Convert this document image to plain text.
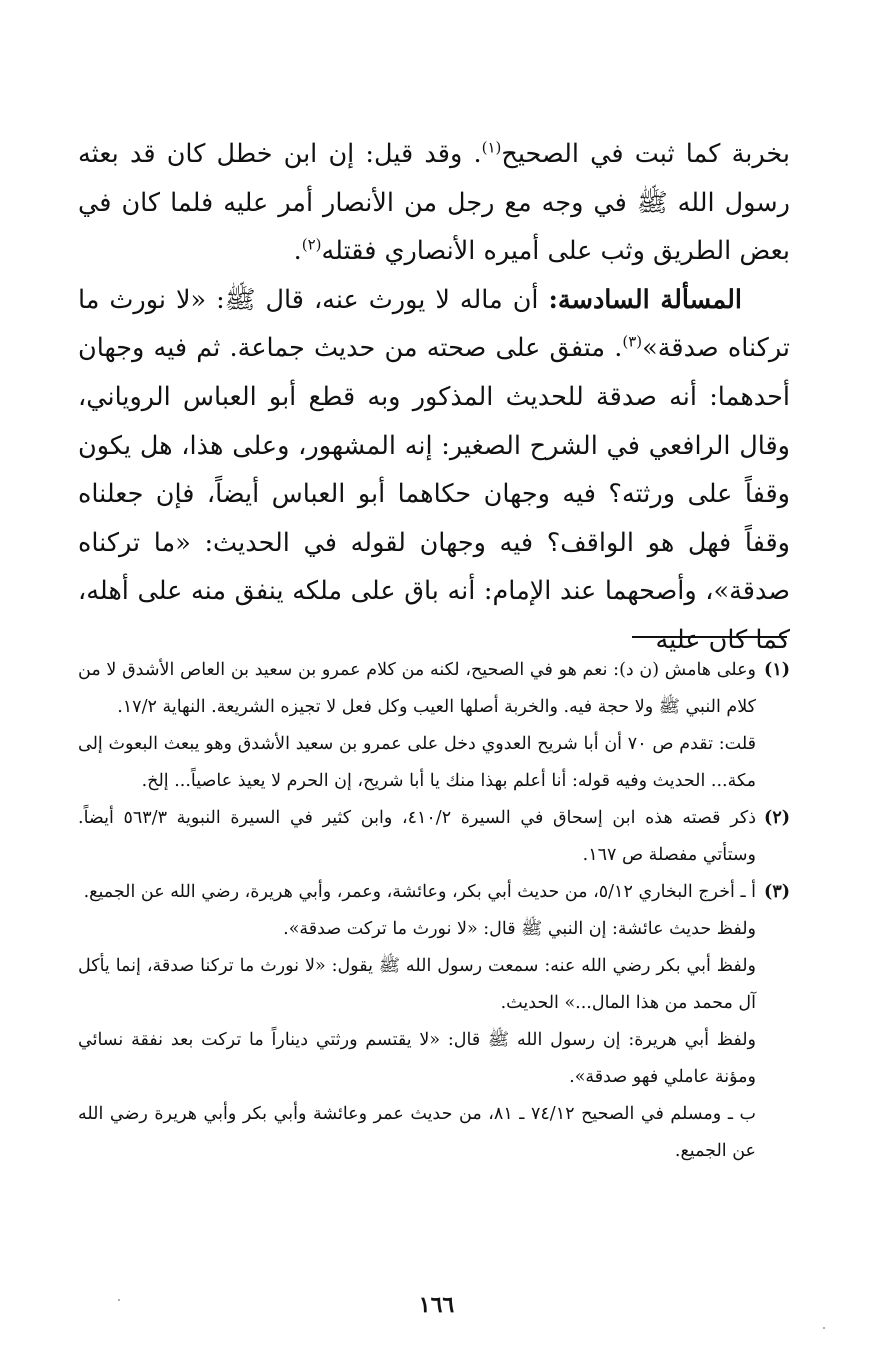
بخربة كما ثبت في الصحيح$^{(١)}$. وقد قيل: إن ابن خطل كان قد بعثه رسول الله ﷺ في وجه مع رجل من الأنصار أمر عليه فلما كان في بعض الطريق وثب على أميره الأنصاري فقتله$^{(٢)}$.

المسألة السادسة: أن ماله لا يورث عنه، قال ﷺ: «لا نورث ما تركناه صدقة»$^{(٣)}$. متفق على صحته من حديث جماعة. ثم فيه وجهان أحدهما: أنه صدقة للحديث المذكور وبه قطع أبو العباس الروياني، وقال الرافعي في الشرح الصغير: إنه المشهور، وعلى هذا، هل يكون وقفاً على ورثته؟ فيه وجهان حكاهما أبو العباس أيضاً، فإن جعلناه وقفاً فهل هو الواقف؟ فيه وجهان لقوله في الحديث: «ما تركناه صدقة»، وأصحهما عند الإمام: أنه باق على ملكه ينفق منه على أهله، كما كان عليه

(١)

وعلى هامش (ن د): نعم هو في الصحيح، لكنه من كلام عمرو بن سعيد بن العاص الأشدق لا من كلام النبي ﷺ ولا حجة فيه. والخربة أصلها العيب وكل فعل لا تجيزه الشريعة. النهاية ١٧/٢.

قلت: تقدم ص ٧٠ أن أبا شريح العدوي دخل على عمرو بن سعيد الأشدق وهو يبعث البعوث إلى مكة... الحديث وفيه قوله: أنا أعلم بهذا منك يا أبا شريح، إن الحرم لا يعيذ عاصياً... إلخ.

(٢)

ذكر قصته هذه ابن إسحاق في السيرة ٤١٠/٢، وابن كثير في السيرة النبوية ٥٦٣/٣ أيضاً. وستأتي مفصلة ص ١٦٧.

(٣)

أ ـ أخرج البخاري ٥/١٢، من حديث أبي بكر، وعائشة، وعمر، وأبي هريرة، رضي الله عن الجميع.

ولفظ حديث عائشة: إن النبي ﷺ قال: «لا نورث ما تركت صدقة».

ولفظ أبي بكر رضي الله عنه: سمعت رسول الله ﷺ يقول: «لا نورث ما تركنا صدقة، إنما يأكل آل محمد من هذا المال...» الحديث.

ولفظ أبي هريرة: إن رسول الله ﷺ قال: «لا يقتسم ورثتي ديناراً ما تركت بعد نفقة نسائي ومؤنة عاملي فهو صدقة».

ب ـ ومسلم في الصحيح ٧٤/١٢ ـ ٨١، من حديث عمر وعائشة وأبي بكر وأبي هريرة رضي الله عن الجميع.

١٦٦
